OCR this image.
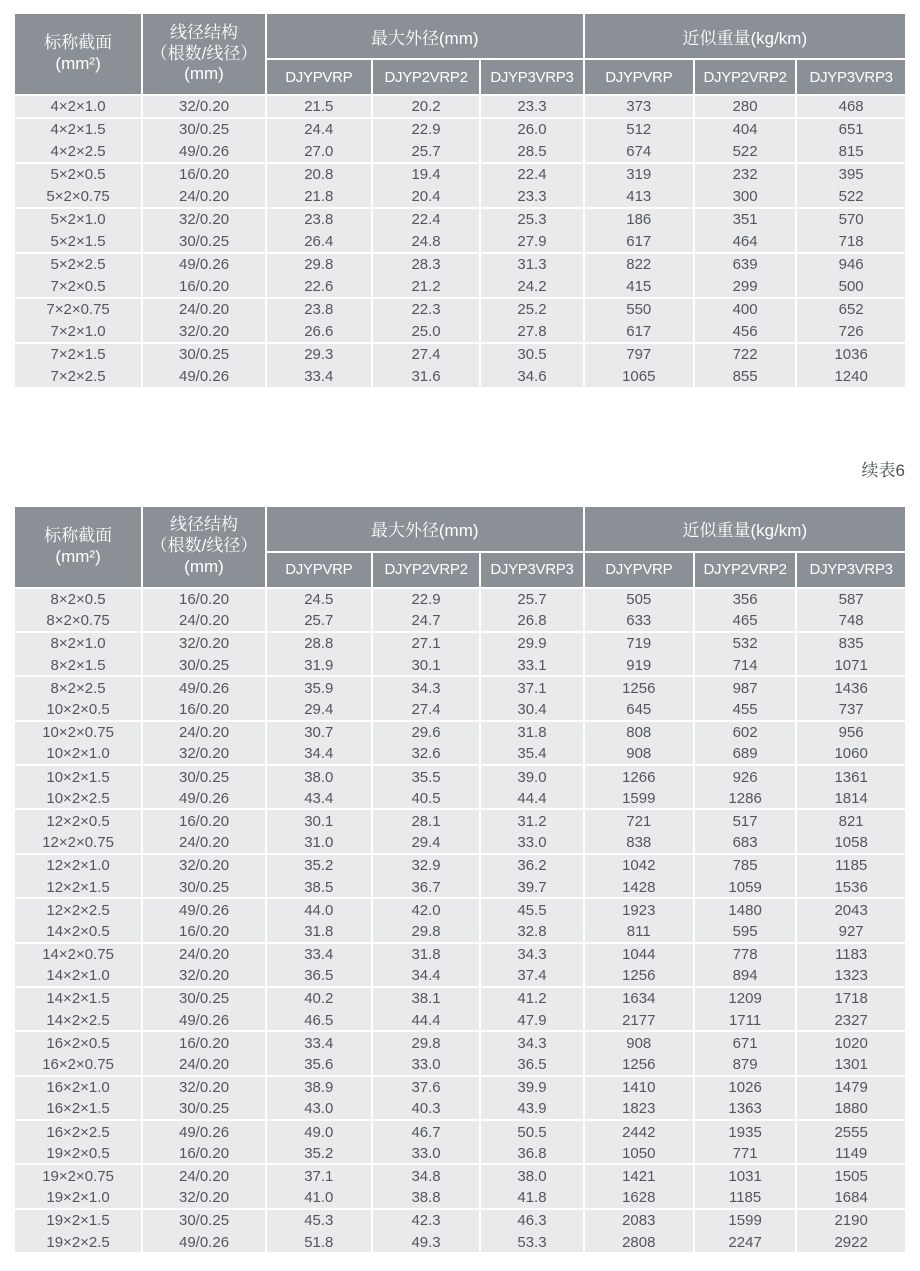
标称截面
(mm²)

线径结构
（根数/线径）
(mm)
	最大外径(mm)	近似重量(kg/km)
		DJYPVRP	DJYP2VRP2	DJYP3VRP3	DJYPVRP	DJYP2VRP2	DJYP3VRP3
4×2×1.0	32/0.20	21.5	20.2	23.3	373	280	468
4×2×1.5	30/0.25	24.4	22.9	26.0	512	404	651
4×2×2.5	49/0.26	27.0	25.7	28.5	674	522	815
5×2×0.5	16/0.20	20.8	19.4	22.4	319	232	395
5×2×0.75	24/0.20	21.8	20.4	23.3	413	300	522
5×2×1.0	32/0.20	23.8	22.4	25.3	186	351	570
5×2×1.5	30/0.25	26.4	24.8	27.9	617	464	718
5×2×2.5	49/0.26	29.8	28.3	31.3	822	639	946
7×2×0.5	16/0.20	22.6	21.2	24.2	415	299	500
7×2×0.75	24/0.20	23.8	22.3	25.2	550	400	652
7×2×1.0	32/0.20	26.6	25.0	27.8	617	456	726
7×2×1.5	30/0.25	29.3	27.4	30.5	797	722	1036
7×2×2.5	49/0.26	33.4	31.6	34.6	1065	855	1240
续表6
标称截面
(mm²)

线径结构
（根数/线径）
(mm)
	最大外径(mm)	近似重量(kg/km)
		DJYPVRP	DJYP2VRP2	DJYP3VRP3	DJYPVRP	DJYP2VRP2	DJYP3VRP3
8×2×0.5	16/0.20	24.5	22.9	25.7	505	356	587
8×2×0.75	24/0.20	25.7	24.7	26.8	633	465	748
8×2×1.0	32/0.20	28.8	27.1	29.9	719	532	835
8×2×1.5	30/0.25	31.9	30.1	33.1	919	714	1071
8×2×2.5	49/0.26	35.9	34.3	37.1	1256	987	1436
10×2×0.5	16/0.20	29.4	27.4	30.4	645	455	737
10×2×0.75	24/0.20	30.7	29.6	31.8	808	602	956
10×2×1.0	32/0.20	34.4	32.6	35.4	908	689	1060
10×2×1.5	30/0.25	38.0	35.5	39.0	1266	926	1361
10×2×2.5	49/0.26	43.4	40.5	44.4	1599	1286	1814
12×2×0.5	16/0.20	30.1	28.1	31.2	721	517	821
12×2×0.75	24/0.20	31.0	29.4	33.0	838	683	1058
12×2×1.0	32/0.20	35.2	32.9	36.2	1042	785	1185
12×2×1.5	30/0.25	38.5	36.7	39.7	1428	1059	1536
12×2×2.5	49/0.26	44.0	42.0	45.5	1923	1480	2043
14×2×0.5	16/0.20	31.8	29.8	32.8	811	595	927
14×2×0.75	24/0.20	33.4	31.8	34.3	1044	778	1183
14×2×1.0	32/0.20	36.5	34.4	37.4	1256	894	1323
14×2×1.5	30/0.25	40.2	38.1	41.2	1634	1209	1718
14×2×2.5	49/0.26	46.5	44.4	47.9	2177	1711	2327
16×2×0.5	16/0.20	33.4	29.8	34.3	908	671	1020
16×2×0.75	24/0.20	35.6	33.0	36.5	1256	879	1301
16×2×1.0	32/0.20	38.9	37.6	39.9	1410	1026	1479
16×2×1.5	30/0.25	43.0	40.3	43.9	1823	1363	1880
16×2×2.5	49/0.26	49.0	46.7	50.5	2442	1935	2555
19×2×0.5	16/0.20	35.2	33.0	36.8	1050	771	1149
19×2×0.75	24/0.20	37.1	34.8	38.0	1421	1031	1505
19×2×1.0	32/0.20	41.0	38.8	41.8	1628	1185	1684
19×2×1.5	30/0.25	45.3	42.3	46.3	2083	1599	2190
19×2×2.5	49/0.26	51.8	49.3	53.3	2808	2247	2922
